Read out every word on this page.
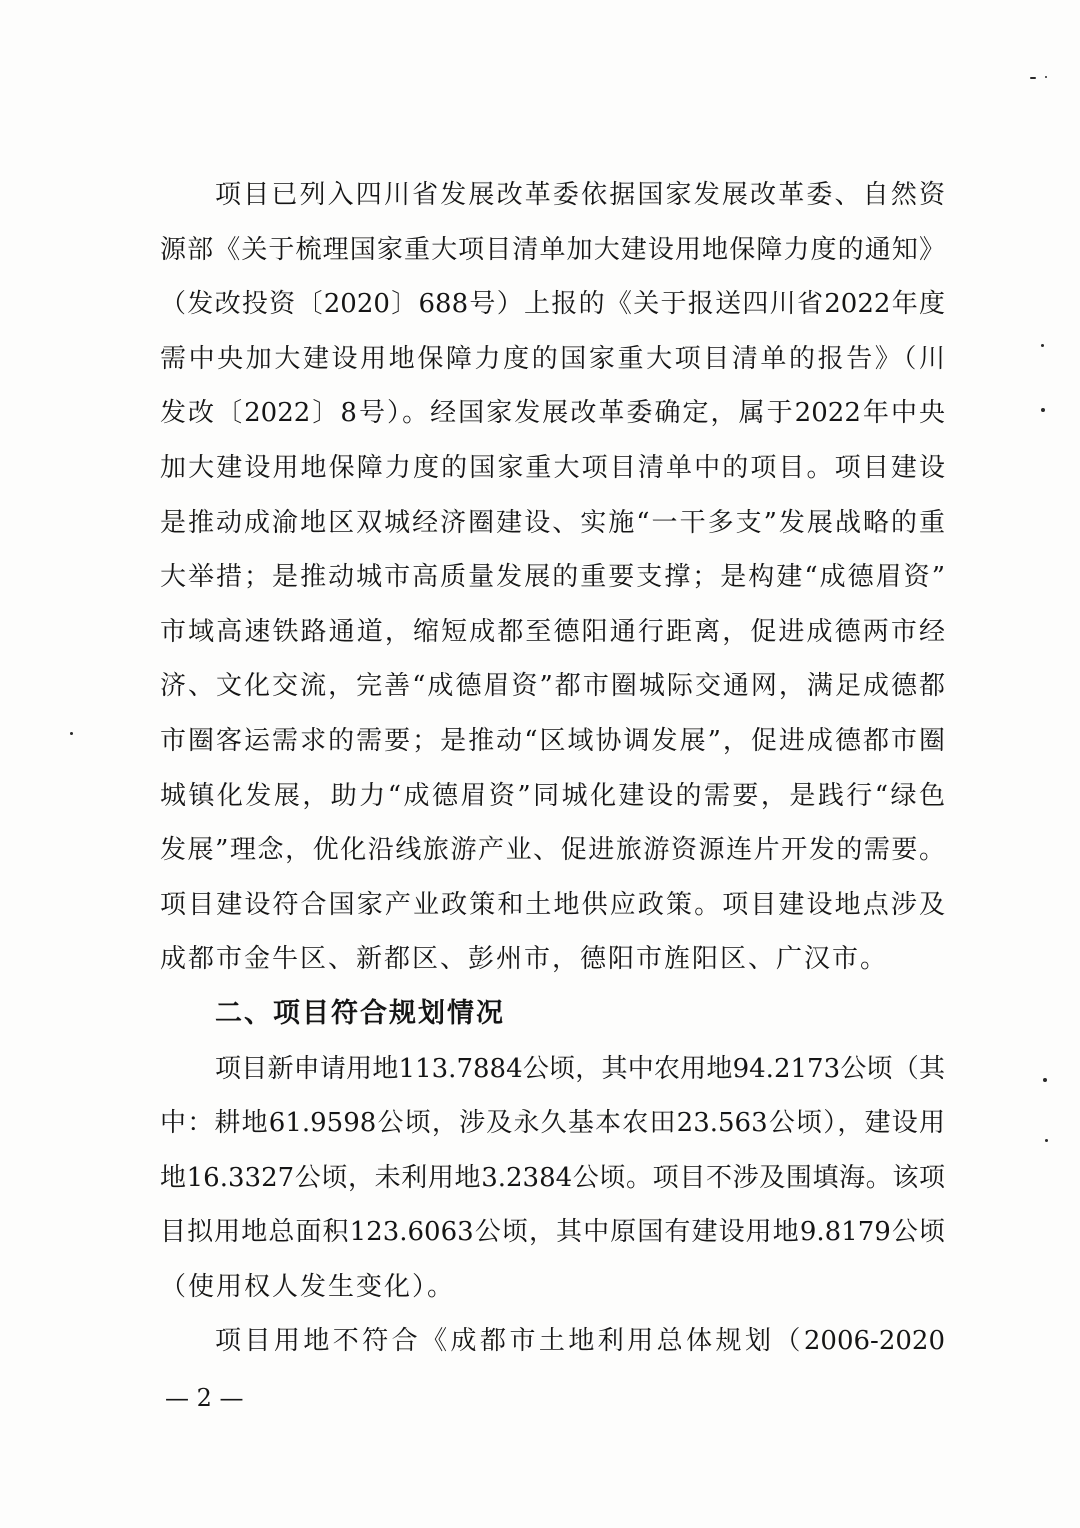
项目已列入四川省发展改革委依据国家发展改革委、自然资
源部《关于梳理国家重大项目清单加大建设用地保障力度的通知》
（发改投资〔2020〕688号）上报的《关于报送四川省2022年度
需中央加大建设用地保障力度的国家重大项目清单的报告》（川
发改〔2022〕8号）。经国家发展改革委确定，属于2022年中央
加大建设用地保障力度的国家重大项目清单中的项目。项目建设
是推动成渝地区双城经济圈建设、实施“一干多支”发展战略的重
大举措；是推动城市高质量发展的重要支撑；是构建“成德眉资”
市域高速铁路通道，缩短成都至德阳通行距离，促进成德两市经
济、文化交流，完善“成德眉资”都市圈城际交通网，满足成德都
市圈客运需求的需要；是推动“区域协调发展”，促进成德都市圈
城镇化发展，助力“成德眉资”同城化建设的需要，是践行“绿色
发展”理念，优化沿线旅游产业、促进旅游资源连片开发的需要。
项目建设符合国家产业政策和土地供应政策。项目建设地点涉及
成都市金牛区、新都区、彭州市，德阳市旌阳区、广汉市。
二、项目符合规划情况
项目新申请用地113.7884公顷，其中农用地94.2173公顷（其
中：耕地61.9598公顷，涉及永久基本农田23.563公顷），建设用
地16.3327公顷，未利用地3.2384公顷。项目不涉及围填海。该项
目拟用地总面积123.6063公顷，其中原国有建设用地9.8179公顷
（使用权人发生变化）。
项目用地不符合《成都市土地利用总体规划（2006-2020
— 2 —
